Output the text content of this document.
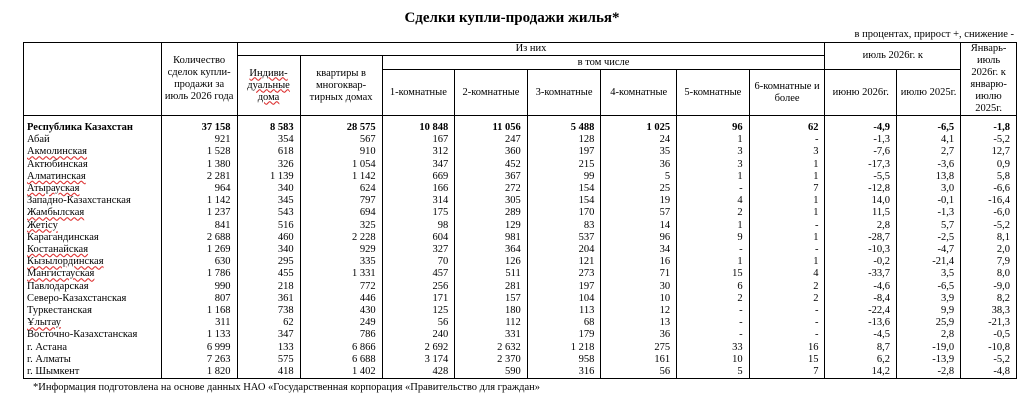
Сделки купли-продажи жилья*
в процентах, прирост +, снижение -
	Количество сделок купли-продажи за июль 2026 года	Из них								июль 2026г. к		Январь-июль 2026г. к январю-июлю 2025г.
		Индиви-дуальные дома	квартиры в многоквар-тирных домах	в том числе								
				1-комнатные	2-комнатные	3-комнатные	4-комнатные	5-комнатные	6-комнатные и более	июню 2026г.	июлю 2025г.	
Республика Казахстан	37 158	8 583	28 575	10 848	11 056	5 488	1 025	96	62	-4,9	-6,5	-1,8
Абай	921	354	567	167	247	128	24	1	-	-1,3	4,1	-5,2
Акмолинская	1 528	618	910	312	360	197	35	3	3	-7,6	2,7	12,7
Актюбинская	1 380	326	1 054	347	452	215	36	3	1	-17,3	-3,6	0,9
Алматинская	2 281	1 139	1 142	669	367	99	5	1	1	-5,5	13,8	5,8
Атырауская	964	340	624	166	272	154	25	-	7	-12,8	3,0	-6,6
Западно-Казахстанская	1 142	345	797	314	305	154	19	4	1	14,0	-0,1	-16,4
Жамбылская	1 237	543	694	175	289	170	57	2	1	11,5	-1,3	-6,0
Жетісу	841	516	325	98	129	83	14	1	-	2,8	5,7	-5,2
Карагандинская	2 688	460	2 228	604	981	537	96	9	1	-28,7	-2,5	8,1
Костанайская	1 269	340	929	327	364	204	34	-	-	-10,3	-4,7	2,0
Кызылординская	630	295	335	70	126	121	16	1	1	-0,2	-21,4	7,9
Мангистауская	1 786	455	1 331	457	511	273	71	15	4	-33,7	3,5	8,0
Павлодарская	990	218	772	256	281	197	30	6	2	-4,6	-6,5	-9,0
Северо-Казахстанская	807	361	446	171	157	104	10	2	2	-8,4	3,9	8,2
Туркестанская	1 168	738	430	125	180	113	12	-	-	-22,4	9,9	38,3
Ұлытау	311	62	249	56	112	68	13	-	-	-13,6	25,9	-21,3
Восточно-Казахстанская	1 133	347	786	240	331	179	36	-	-	-4,5	2,8	-0,5
г. Астана	6 999	133	6 866	2 692	2 632	1 218	275	33	16	8,7	-19,0	-10,8
г. Алматы	7 263	575	6 688	3 174	2 370	958	161	10	15	6,2	-13,9	-5,2
г. Шымкент	1 820	418	1 402	428	590	316	56	5	7	14,2	-2,8	-4,8
*Информация подготовлена на основе данных НАО «Государственная корпорация «Правительство для граждан»
